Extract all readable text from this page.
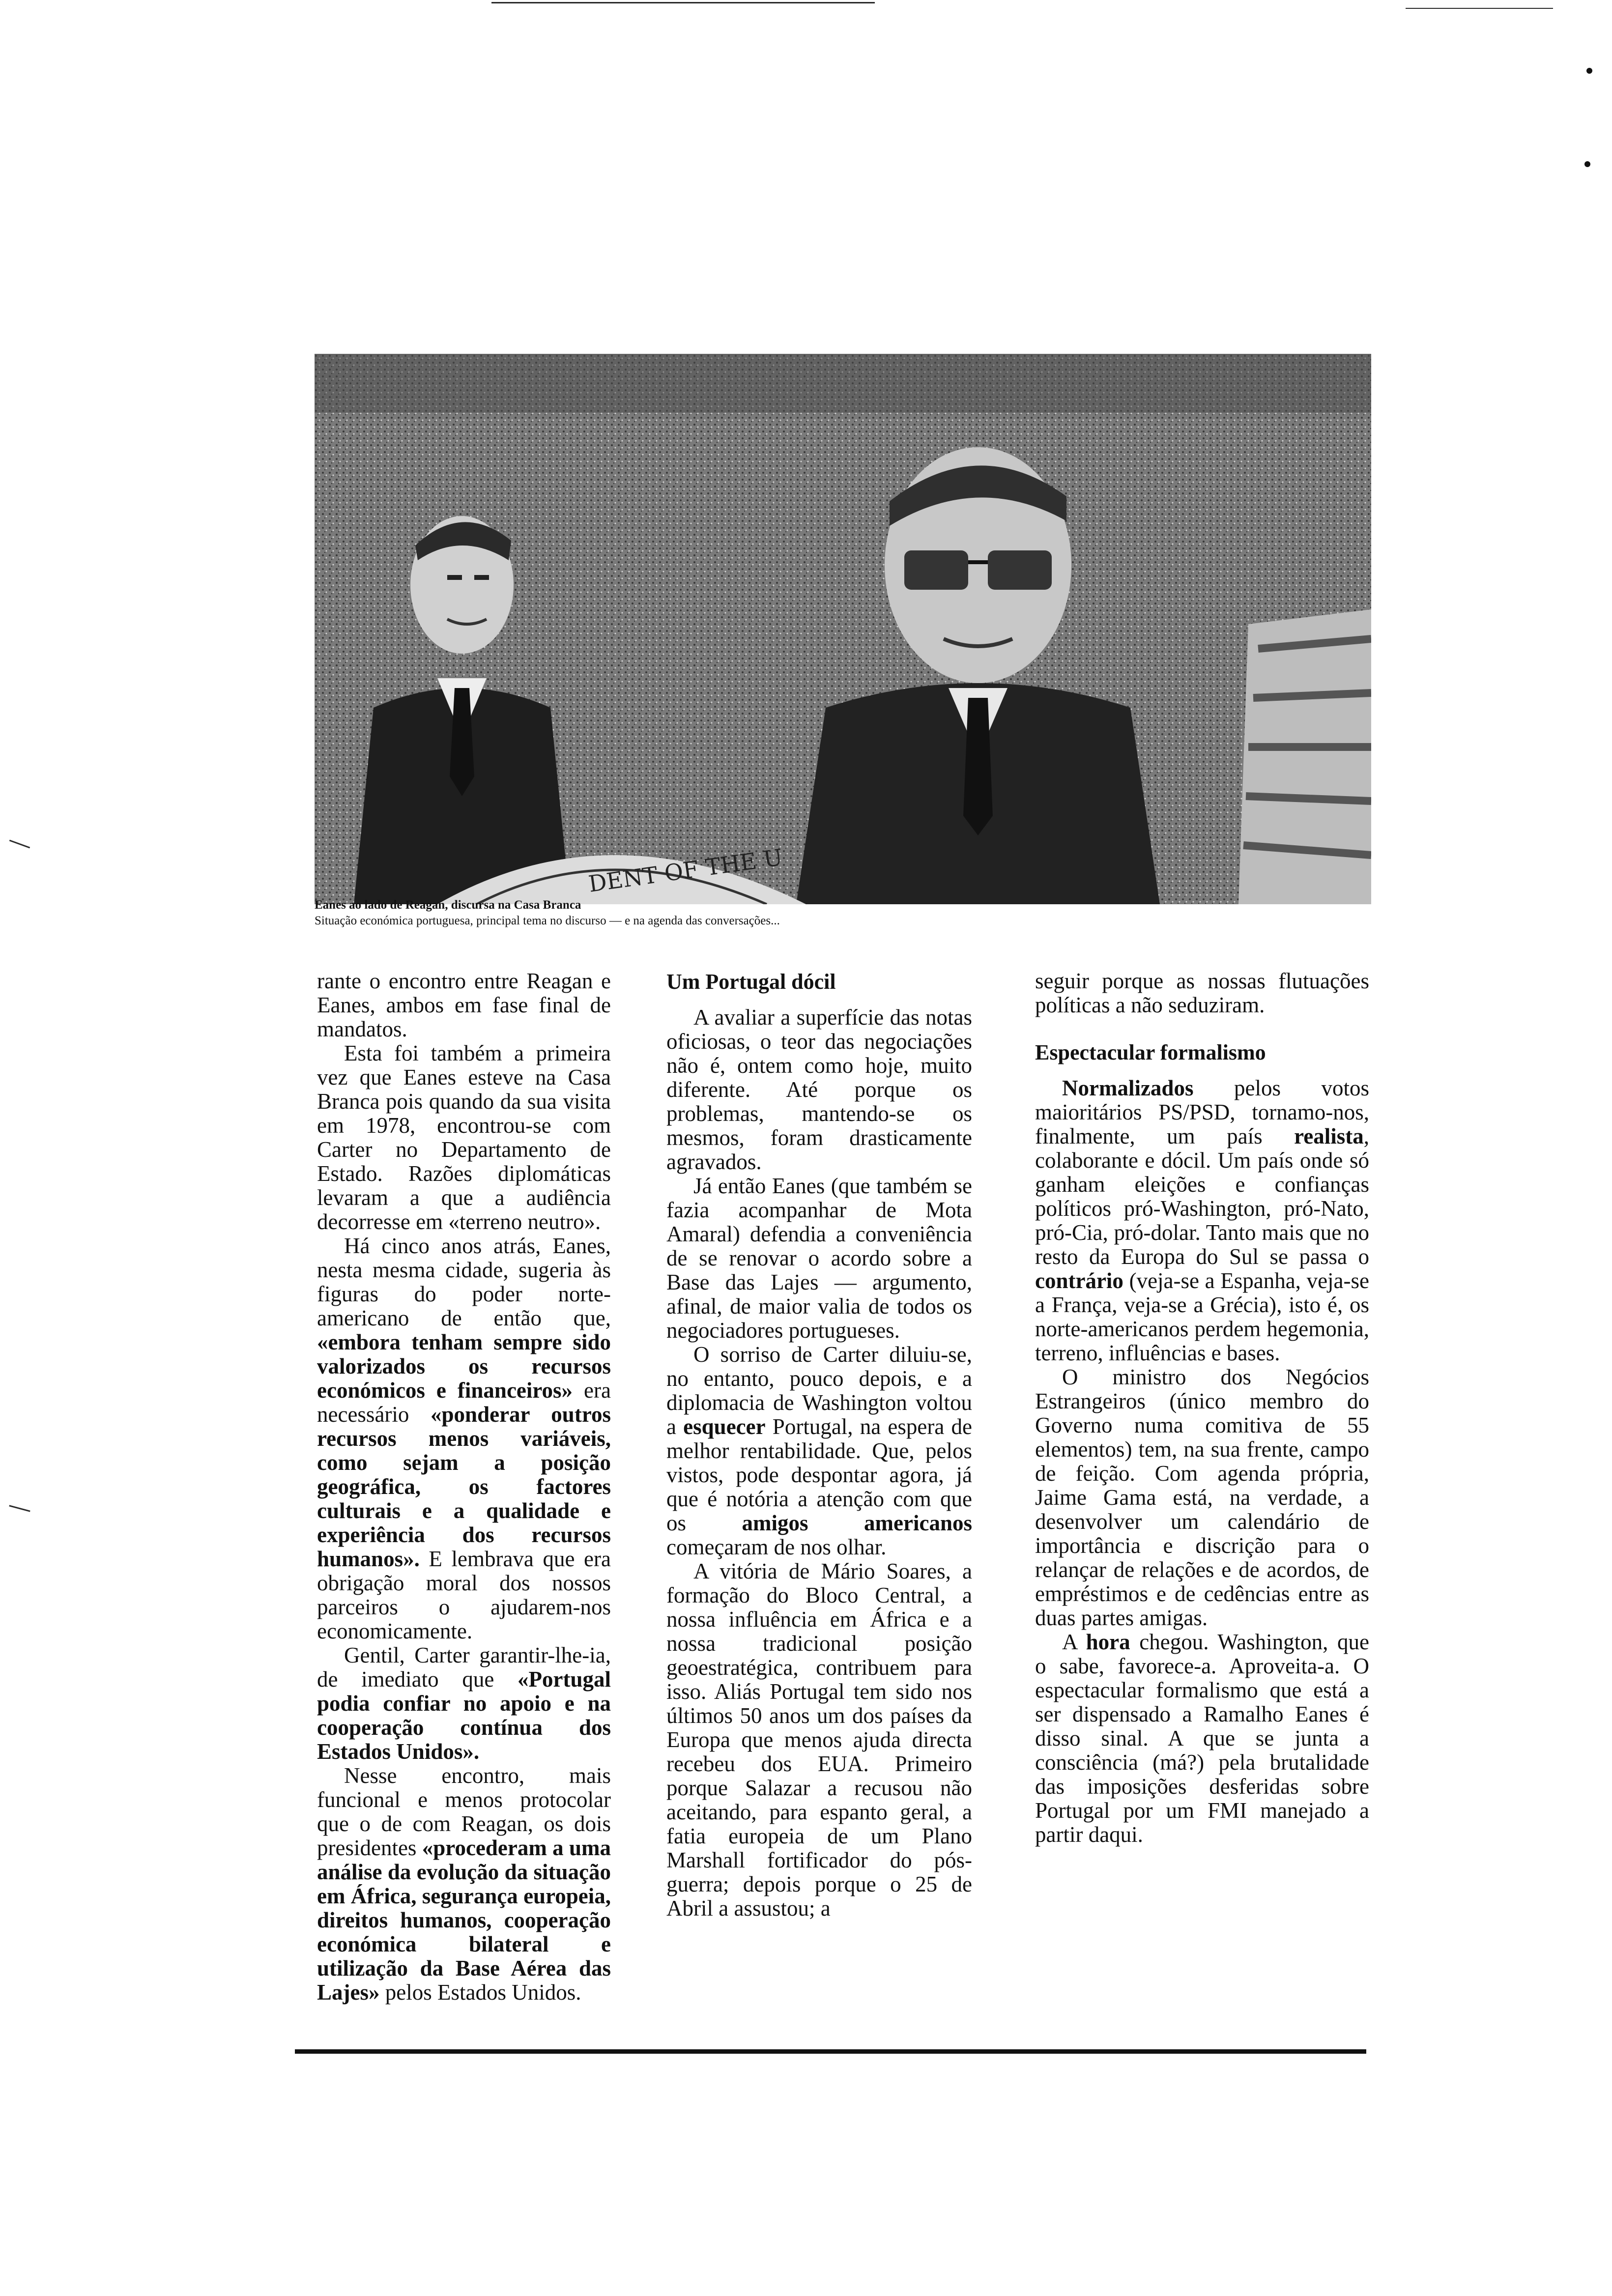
DENT OF THE U
Eanes ao lado de Reagan, discursa na Casa Branca
Situação económica portuguesa, principal tema no discurso — e na agenda das conversações...

rante o encontro entre Reagan e Eanes, ambos em fase final de mandatos.

Esta foi também a primeira vez que Eanes esteve na Casa Branca pois quando da sua visita em 1978, encontrou-se com Carter no Departamento de Estado. Razões diplomáticas levaram a que a audiência decorresse em «terreno neutro».

Há cinco anos atrás, Eanes, nesta mesma cidade, sugeria às figuras do poder norte-americano de então que, «embora tenham sempre sido valorizados os recursos económicos e financeiros» era necessário «ponderar outros recursos menos variáveis, como sejam a posição geográfica, os factores culturais e a qualidade e experiência dos recursos humanos». E lembrava que era obrigação moral dos nossos parceiros o ajudarem-nos economicamente.

Gentil, Carter garantir-lhe-ia, de imediato que «Portugal podia confiar no apoio e na cooperação contínua dos Estados Unidos».

Nesse encontro, mais funcional e menos protocolar que o de com Reagan, os dois presidentes «procederam a uma análise da evolução da situação em África, segurança europeia, direitos humanos, cooperação económica bilateral e utilização da Base Aérea das Lajes» pelos Estados Unidos.

Um Portugal dócil

A avaliar a superfície das notas oficiosas, o teor das negociações não é, ontem como hoje, muito diferente. Até porque os problemas, mantendo-se os mesmos, foram drasticamente agravados.

Já então Eanes (que também se fazia acompanhar de Mota Amaral) defendia a conveniência de se renovar o acordo sobre a Base das Lajes — argumento, afinal, de maior valia de todos os negociadores portugueses.

O sorriso de Carter diluiu-se, no entanto, pouco depois, e a diplomacia de Washington voltou a esquecer Portugal, na espera de melhor rentabilidade. Que, pelos vistos, pode despontar agora, já que é notória a atenção com que os amigos americanos começaram de nos olhar.

A vitória de Mário Soares, a formação do Bloco Central, a nossa influência em África e a nossa tradicional posição geoestratégica, contribuem para isso. Aliás Portugal tem sido nos últimos 50 anos um dos países da Europa que menos ajuda directa recebeu dos EUA. Primeiro porque Salazar a recusou não aceitando, para espanto geral, a fatia europeia de um Plano Marshall fortificador do pós-guerra; depois porque o 25 de Abril a assustou; a

seguir porque as nossas flutuações políticas a não seduziram.

Espectacular formalismo

Normalizados pelos votos maioritários PS/PSD, tornamo-nos, finalmente, um país realista, colaborante e dócil. Um país onde só ganham eleições e confianças políticos pró-Washington, pró-Nato, pró-Cia, pró-dolar. Tanto mais que no resto da Europa do Sul se passa o contrário (veja-se a Espanha, veja-se a França, veja-se a Grécia), isto é, os norte-americanos perdem hegemonia, terreno, influências e bases.

O ministro dos Negócios Estrangeiros (único membro do Governo numa comitiva de 55 elementos) tem, na sua frente, campo de feição. Com agenda própria, Jaime Gama está, na verdade, a desenvolver um calendário de importância e discrição para o relançar de relações e de acordos, de empréstimos e de cedências entre as duas partes amigas.

A hora chegou. Washington, que o sabe, favorece-a. Aproveita-a. O espectacular formalismo que está a ser dispensado a Ramalho Eanes é disso sinal. A que se junta a consciência (má?) pela brutalidade das imposições desferidas sobre Portugal por um FMI manejado a partir daqui.
